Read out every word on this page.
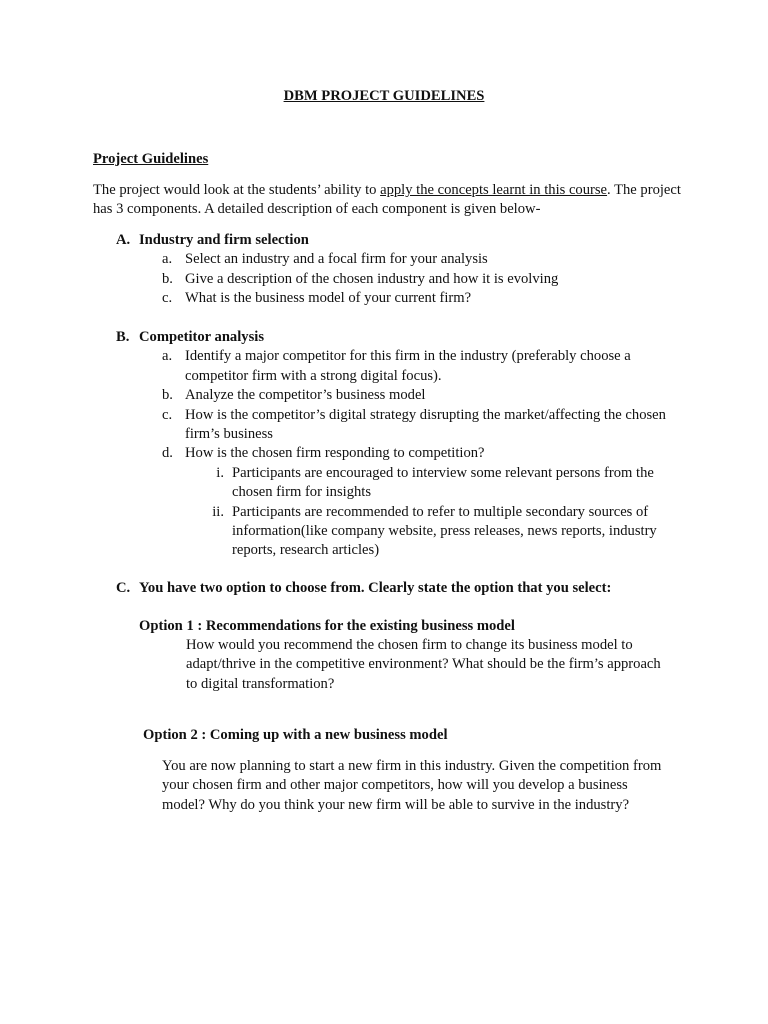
DBM PROJECT GUIDELINES
Project Guidelines
The project would look at the students’ ability to apply the concepts learnt in this course. The project has 3 components. A detailed description of each component is given below-
A. Industry and firm selection
a. Select an industry and a focal firm for your analysis
b. Give a description of the chosen industry and how it is evolving
c. What is the business model of your current firm?
B. Competitor analysis
a. Identify a major competitor for this firm in the industry (preferably choose a competitor firm with a strong digital focus).
b. Analyze the competitor’s business model
c. How is the competitor’s digital strategy disrupting the market/affecting the chosen firm’s business
d. How is the chosen firm responding to competition?
i. Participants are encouraged to interview some relevant persons from the chosen firm for insights
ii. Participants are recommended to refer to multiple secondary sources of information(like company website, press releases, news reports, industry reports, research articles)
C. You have two option to choose from. Clearly state the option that you select:
Option 1 : Recommendations for the existing business model
How would you recommend the chosen firm to change its business model to adapt/thrive in the competitive environment? What should be the firm’s approach to digital transformation?
Option 2 : Coming up with a new business model
You are now planning to start a new firm in this industry. Given the competition from your chosen firm and other major competitors, how will you develop a business model? Why do you think your new firm will be able to survive in the industry?
